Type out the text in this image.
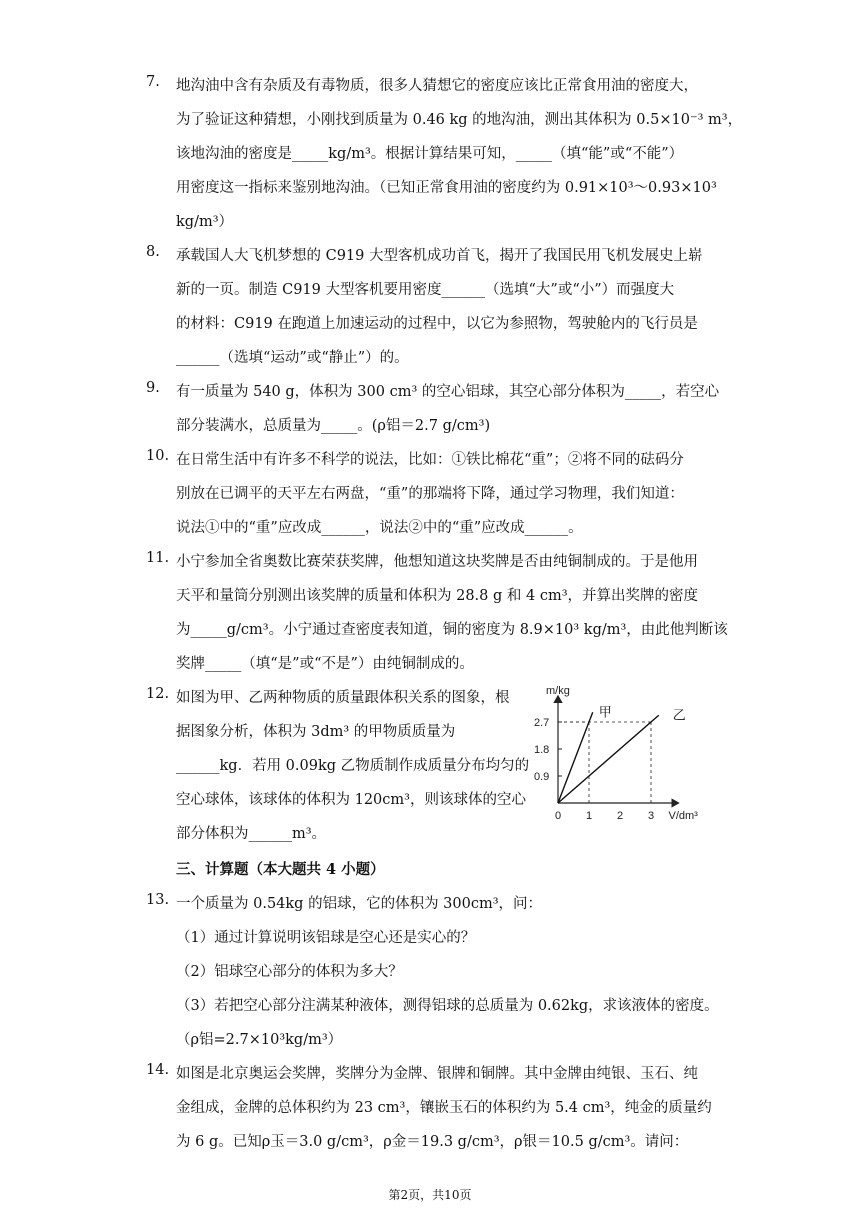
7. 地沟油中含有杂质及有毒物质，很多人猜想它的密度应该比正常食用油的密度大，
为了验证这种猜想，小刚找到质量为 0.46 kg 的地沟油，测出其体积为 0.5×10⁻³ m³，
该地沟油的密度是_____kg/m³。根据计算结果可知，_____（填“能”或“不能”）
用密度这一指标来鉴别地沟油。（已知正常食用油的密度约为 0.91×10³～0.93×10³
kg/m³）
8. 承载国人大飞机梦想的 C919 大型客机成功首飞，揭开了我国民用飞机发展史上崭
新的一页。制造 C919 大型客机要用密度______（选填“大”或“小”）而强度大
的材料：C919 在跑道上加速运动的过程中，以它为参照物，驾驶舱内的飞行员是
______（选填“运动”或“静止”）的。
9. 有一质量为 540 g，体积为 300 cm³ 的空心铝球，其空心部分体积为_____，若空心
部分装满水，总质量为_____。(ρ铝＝2.7 g/cm³)
10. 在日常生活中有许多不科学的说法，比如：①铁比棉花“重”；②将不同的砝码分
别放在已调平的天平左右两盘，“重”的那端将下降，通过学习物理，我们知道：
说法①中的“重”应改成______，说法②中的“重”应改成______。
11. 小宁参加全省奥数比赛荣获奖牌，他想知道这块奖牌是否由纯铜制成的。于是他用
天平和量筒分别测出该奖牌的质量和体积为 28.8 g 和 4 cm³，并算出奖牌的密度
为_____g/cm³。小宁通过查密度表知道，铜的密度为 8.9×10³ kg/m³，由此他判断该
奖牌_____（填“是”或“不是”）由纯铜制成的。
12. 如图为甲、乙两种物质的质量跟体积关系的图象，根
据图象分析，体积为 3dm³ 的甲物质质量为
______kg．若用 0.09kg 乙物质制作成质量分布均匀的
空心球体，该球体的体积为 120cm³，则该球体的空心
部分体积为______m³。
m/kg
V/dm³
0 1 2 3
0.9
1.8
2.7
甲	乙
三、计算题（本大题共 4 小题）
13. 一个质量为 0.54kg 的铝球，它的体积为 300cm³，问：
（1）通过计算说明该铝球是空心还是实心的？
（2）铝球空心部分的体积为多大？
（3）若把空心部分注满某种液体，测得铝球的总质量为 0.62kg，求该液体的密度。
（ρ铝=2.7×10³kg/m³）
14. 如图是北京奥运会奖牌，奖牌分为金牌、银牌和铜牌。其中金牌由纯银、玉石、纯
金组成，金牌的总体积约为 23 cm³，镶嵌玉石的体积约为 5.4 cm³，纯金的质量约
为 6 g。已知ρ玉＝3.0 g/cm³，ρ金＝19.3 g/cm³，ρ银＝10.5 g/cm³。请问：
第2页，共10页
